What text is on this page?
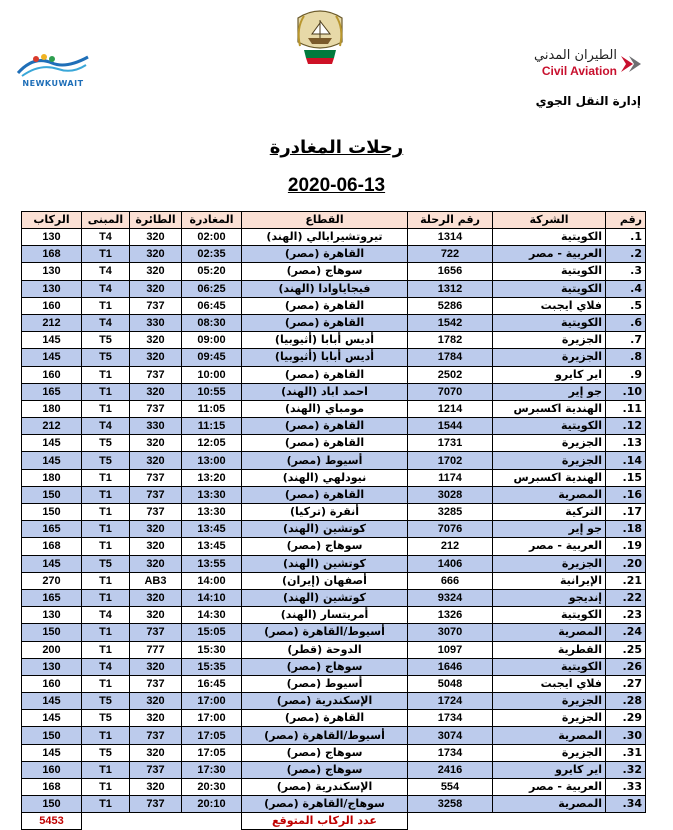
NEWKUWAIT
الطيران المدني
Civil Aviation
إدارة النقل الجوي
رحلات المغادرة
2020-06-13
رقم	الشركة	رقم الرحلة	القطاع	المغادرة	الطائرة	المبنى	الركاب
1.	الكويتية	1314	تيروتشيرابالي (الهند)	02:00	320	T4	130
2.	العربية - مصر	722	القاهرة (مصر)	02:35	320	T1	168
3.	الكويتية	1656	سوهاج (مصر)	05:20	320	T4	130
4.	الكويتية	1312	فيجاياوادا (الهند)	06:25	320	T4	130
5.	فلاي ايجبت	5286	القاهرة (مصر)	06:45	737	T1	160
6.	الكويتية	1542	القاهرة (مصر)	08:30	330	T4	212
7.	الجزيرة	1782	أديس أبابا (أثيوبيا)	09:00	320	T5	145
8.	الجزيرة	1784	أديس أبابا (أثيوبيا)	09:45	320	T5	145
9.	اير كايرو	2502	القاهرة (مصر)	10:00	737	T1	160
10.	جو إير	7070	احمد اباد (الهند)	10:55	320	T1	165
11.	الهندية اكسبرس	1214	مومباي (الهند)	11:05	737	T1	180
12.	الكويتية	1544	القاهرة (مصر)	11:15	330	T4	212
13.	الجزيرة	1731	القاهرة (مصر)	12:05	320	T5	145
14.	الجزيرة	1702	أسيوط (مصر)	13:00	320	T5	145
15.	الهندية اكسبرس	1174	نيودلهي (الهند)	13:20	737	T1	180
16.	المصرية	3028	القاهرة (مصر)	13:30	737	T1	150
17.	التركية	3285	أنقرة (تركيا)	13:30	737	T1	150
18.	جو إير	7076	كوتشين (الهند)	13:45	320	T1	165
19.	العربية - مصر	212	سوهاج (مصر)	13:45	320	T1	168
20.	الجزيرة	1406	كوتشين (الهند)	13:55	320	T5	145
21.	الإيرانية	666	أصفهان (إيران)	14:00	AB3	T1	270
22.	إنديجو	9324	كوتشين (الهند)	14:10	320	T1	165
23.	الكويتية	1326	أمريتسار (الهند)	14:30	320	T4	130
24.	المصرية	3070	أسيوط/القاهرة (مصر)	15:05	737	T1	150
25.	القطرية	1097	الدوحة (قطر)	15:30	777	T1	200
26.	الكويتية	1646	سوهاج (مصر)	15:35	320	T4	130
27.	فلاي ايجبت	5048	أسيوط (مصر)	16:45	737	T1	160
28.	الجزيرة	1724	الإسكندرية (مصر)	17:00	320	T5	145
29.	الجزيرة	1734	القاهرة (مصر)	17:00	320	T5	145
30.	المصرية	3074	أسيوط/القاهرة (مصر)	17:05	737	T1	150
31.	الجزيرة	1734	سوهاج (مصر)	17:05	320	T5	145
32.	اير كايرو	2416	سوهاج (مصر)	17:30	737	T1	160
33.	العربية - مصر	554	الإسكندرية (مصر)	20:30	320	T1	168
34.	المصرية	3258	سوهاج/القاهرة (مصر)	20:10	737	T1	150
			عدد الركاب المتوقع				5453
